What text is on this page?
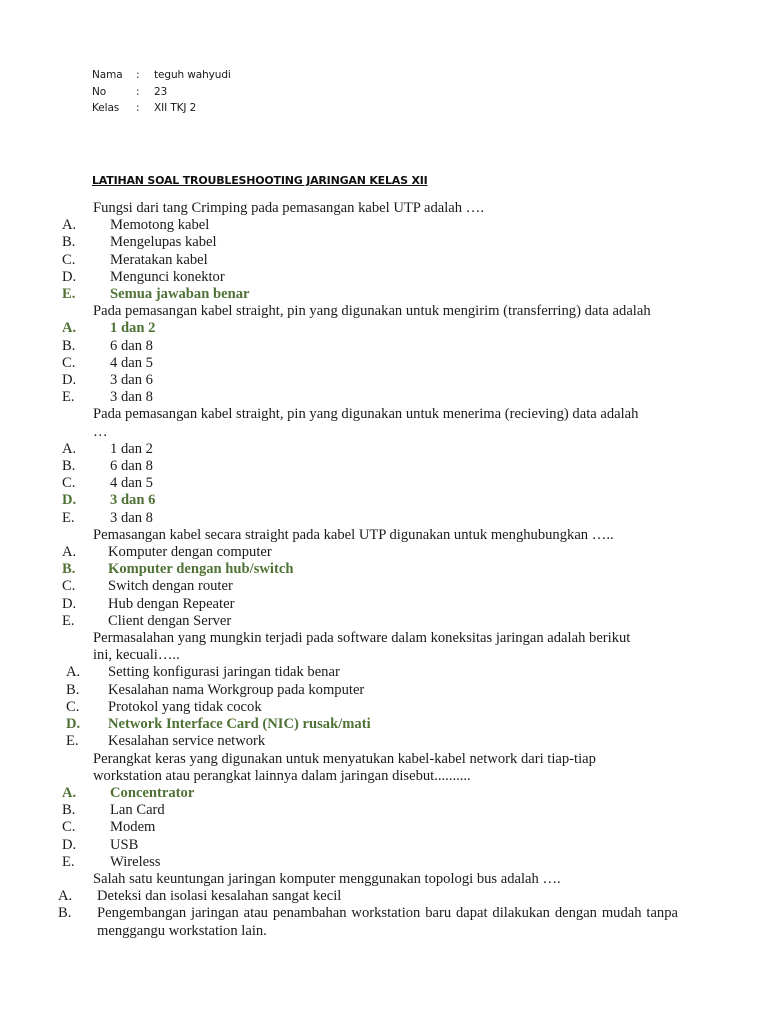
Nama	:	teguh wahyudi
No	:	23
Kelas	:	XII TKJ 2
LATIHAN SOAL TROUBLESHOOTING JARINGAN KELAS XII

Fungsi dari tang Crimping pada pemasangan kabel UTP adalah ….

A. Memotong kabel
B. Mengelupas kabel
C. Meratakan kabel
D. Mengunci konektor
E. Semua jawaban benar

Pada pemasangan kabel straight, pin yang digunakan untuk mengirim (transferring) data adalah

A. 1 dan 2
B. 6 dan 8
C. 4 dan 5
D. 3 dan 6
E. 3 dan 8

Pada pemasangan kabel straight, pin yang digunakan untuk menerima (recieving) data adalah

…

A. 1 dan 2
B. 6 dan 8
C. 4 dan 5
D. 3 dan 6
E. 3 dan 8

Pemasangan kabel secara straight pada kabel UTP digunakan untuk menghubungkan …..

A. Komputer dengan computer
B. Komputer dengan hub/switch
C. Switch dengan router
D. Hub dengan Repeater
E. Client dengan Server

Permasalahan yang mungkin terjadi pada software dalam koneksitas jaringan adalah berikut

ini, kecuali…..

A. Setting konfigurasi jaringan tidak benar
B. Kesalahan nama Workgroup pada komputer
C. Protokol yang tidak cocok
D. Network Interface Card (NIC) rusak/mati
E. Kesalahan service network

Perangkat keras yang digunakan untuk menyatukan kabel-kabel network dari tiap-tiap

workstation atau perangkat lainnya dalam jaringan disebut..........

A. Concentrator
B. Lan Card
C. Modem
D. USB
E. Wireless

Salah satu keuntungan jaringan komputer menggunakan topologi bus adalah ….

A. Deteksi dan isolasi kesalahan sangat kecil
B. Pengembangan jaringan atau penambahan workstation baru dapat dilakukan dengan mudah tanpa menggangu workstation lain.
